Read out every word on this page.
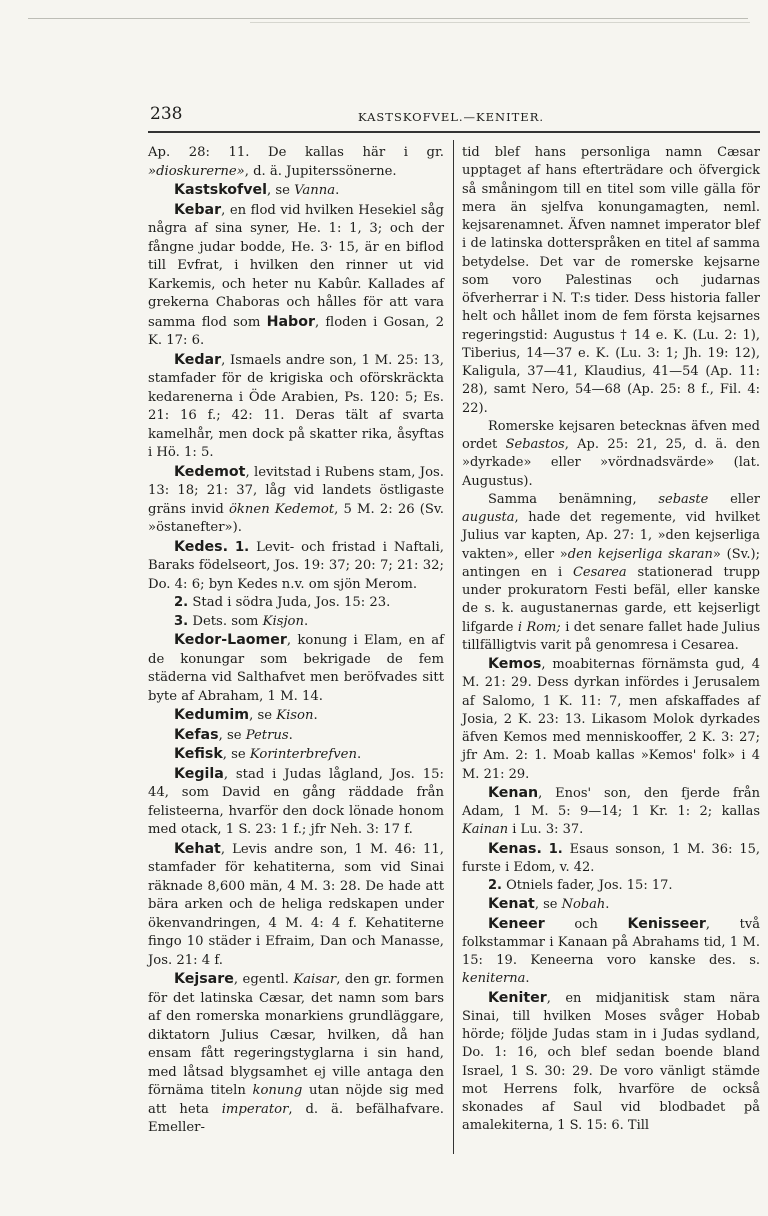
238	KASTSKOFVEL.—KENITER.

Ap. 28: 11. De kallas här i gr. »dioskurerne», d. ä. Jupiterssönerne.

Kastskofvel, se Vanna.

Kebar, en flod vid hvilken Hesekiel såg några af sina syner, He. 1: 1, 3; och der fångne judar bodde, He. 3· 15, är en biflod till Evfrat, i hvilken den rinner ut vid Karkemis, och heter nu Kabûr. Kallades af grekerna Chaboras och hålles för att vara samma flod som Habor, floden i Gosan, 2 K. 17: 6.

Kedar, Ismaels andre son, 1 M. 25: 13, stamfader för de krigiska och oförskräckta kedarenerna i Öde Arabien, Ps. 120: 5; Es. 21: 16 f.; 42: 11. Deras tält af svarta kamelhår, men dock på skatter rika, åsyftas i Hö. 1: 5.

Kedemot, levitstad i Rubens stam, Jos. 13: 18; 21: 37, låg vid landets östligaste gräns invid öknen Kedemot, 5 M. 2: 26 (Sv. »östanefter»).

Kedes. 1. Levit- och fristad i Naftali, Baraks födelseort, Jos. 19: 37; 20: 7; 21: 32; Do. 4: 6; byn Kedes n.v. om sjön Merom.

2. Stad i södra Juda, Jos. 15: 23.

3. Dets. som Kisjon.

Kedor-Laomer, konung i Elam, en af de konungar som bekrigade de fem städerna vid Salthafvet men beröfvades sitt byte af Abraham, 1 M. 14.

Kedumim, se Kison.

Kefas, se Petrus.

Kefisk, se Korinterbrefven.

Kegila, stad i Judas lågland, Jos. 15: 44, som David en gång räddade från felisteerna, hvarför den dock lönade honom med otack, 1 S. 23: 1 f.; jfr Neh. 3: 17 f.

Kehat, Levis andre son, 1 M. 46: 11, stamfader för kehatiterna, som vid Sinai räknade 8,600 män, 4 M. 3: 28. De hade att bära arken och de heliga redskapen under ökenvandringen, 4 M. 4: 4 f. Kehatiterne fingo 10 städer i Efraim, Dan och Manasse, Jos. 21: 4 f.

Kejsare, egentl. Kaisar, den gr. formen för det latinska Cæsar, det namn som bars af den romerska monarkiens grundläggare, diktatorn Julius Cæsar, hvilken, då han ensam fått regeringstyglarna i sin hand, med låtsad blygsamhet ej ville antaga den förnäma titeln konung utan nöjde sig med att heta imperator, d. ä. befälhafvare. Emeller-

tid blef hans personliga namn Cæsar upptaget af hans efterträdare och öfvergick så småningom till en titel som ville gälla för mera än sjelfva konungamagten, neml. kejsarenamnet. Äfven namnet imperator blef i de latinska dotterspråken en titel af samma betydelse. Det var de romerske kejsarne som voro Palestinas och judarnas öfverherrar i N. T:s tider. Dess historia faller helt och hållet inom de fem första kejsarnes regeringstid: Augustus † 14 e. K. (Lu. 2: 1), Tiberius, 14—37 e. K. (Lu. 3: 1; Jh. 19: 12), Kaligula, 37—41, Klaudius, 41—54 (Ap. 11: 28), samt Nero, 54—68 (Ap. 25: 8 f., Fil. 4: 22).

Romerske kejsaren betecknas äfven med ordet Sebastos, Ap. 25: 21, 25, d. ä. den »dyrkade» eller »vördnadsvärde» (lat. Augustus).

Samma benämning, sebaste eller augusta, hade det regemente, vid hvilket Julius var kapten, Ap. 27: 1, »den kejserliga vakten», eller »den kejserliga skaran» (Sv.); antingen en i Cesarea stationerad trupp under prokuratorn Festi befäl, eller kanske de s. k. augustanernas garde, ett kejserligt lifgarde i Rom; i det senare fallet hade Julius tillfälligtvis varit på genomresa i Cesarea.

Kemos, moabiternas förnämsta gud, 4 M. 21: 29. Dess dyrkan infördes i Jerusalem af Salomo, 1 K. 11: 7, men afskaffades af Josia, 2 K. 23: 13. Likasom Molok dyrkades äfven Kemos med menniskooffer, 2 K. 3: 27; jfr Am. 2: 1. Moab kallas »Kemos' folk» i 4 M. 21: 29.

Kenan, Enos' son, den fjerde från Adam, 1 M. 5: 9—14; 1 Kr. 1: 2; kallas Kainan i Lu. 3: 37.

Kenas. 1. Esaus sonson, 1 M. 36: 15, furste i Edom, v. 42.

2. Otniels fader, Jos. 15: 17.

Kenat, se Nobah.

Keneer och Kenisseer, två folkstammar i Kanaan på Abrahams tid, 1 M. 15: 19. Keneerna voro kanske des. s. keniterna.

Keniter, en midjanitisk stam nära Sinai, till hvilken Moses svåger Hobab hörde; följde Judas stam in i Judas sydland, Do. 1: 16, och blef sedan boende bland Israel, 1 S. 30: 29. De voro vänligt stämde mot Herrens folk, hvarföre de också skonades af Saul vid blodbadet på amalekiterna, 1 S. 15: 6. Till
